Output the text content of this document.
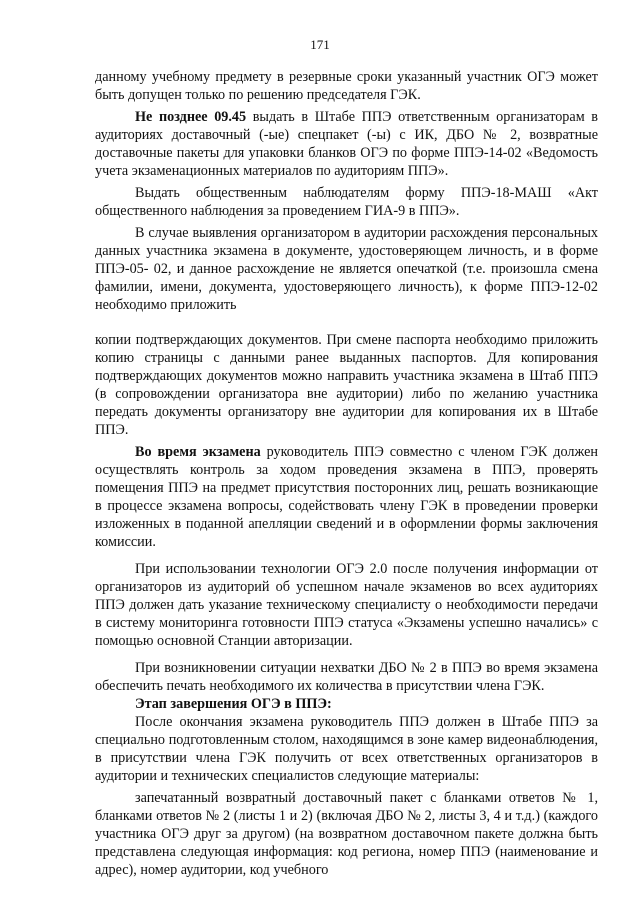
171

данному учебному предмету в резервные сроки указанный участник ОГЭ может быть допущен только по решению председателя ГЭК.

Не позднее 09.45 выдать в Штабе ППЭ ответственным организаторам в аудиториях доставочный (-ые) спецпакет (-ы) с ИК, ДБО № 2, возвратные доставочные пакеты для упаковки бланков ОГЭ по форме ППЭ-14-02 «Ведомость учета экзаменационных материалов по аудиториям ППЭ».

Выдать общественным наблюдателям форму ППЭ-18-МАШ «Акт общественного наблюдения за проведением ГИА-9 в ППЭ».

В случае выявления организатором в аудитории расхождения персональных данных участника экзамена в документе, удостоверяющем личность, и в форме ППЭ-05- 02, и данное расхождение не является опечаткой (т.е. произошла смена фамилии, имени, документа, удостоверяющего личность), к форме ППЭ-12-02 необходимо приложить

копии подтверждающих документов. При смене паспорта необходимо приложить копию страницы с данными ранее выданных паспортов. Для копирования подтверждающих документов можно направить участника экзамена в Штаб ППЭ (в сопровождении организатора вне аудитории) либо по желанию участника передать документы организатору вне аудитории для копирования их в Штабе ППЭ.

Во время экзамена руководитель ППЭ совместно с членом ГЭК должен осуществлять контроль за ходом проведения экзамена в ППЭ, проверять помещения ППЭ на предмет присутствия посторонних лиц, решать возникающие в процессе экзамена вопросы, содействовать члену ГЭК в проведении проверки изложенных в поданной апелляции сведений и в оформлении формы заключения комиссии.

При использовании технологии ОГЭ 2.0 после получения информации от организаторов из аудиторий об успешном начале экзаменов во всех аудиториях ППЭ должен дать указание техническому специалисту о необходимости передачи в систему мониторинга готовности ППЭ статуса «Экзамены успешно начались» с помощью основной Станции авторизации.

При возникновении ситуации нехватки ДБО № 2 в ППЭ во время экзамена обеспечить печать необходимого их количества в присутствии члена ГЭК.

Этап завершения ОГЭ в ППЭ:

После окончания экзамена руководитель ППЭ должен в Штабе ППЭ за специально подготовленным столом, находящимся в зоне камер видеонаблюдения, в присутствии члена ГЭК получить от всех ответственных организаторов в аудитории и технических специалистов следующие материалы:

запечатанный возвратный доставочный пакет с бланками ответов № 1, бланками ответов № 2 (листы 1 и 2) (включая ДБО № 2, листы 3, 4 и т.д.) (каждого участника ОГЭ друг за другом) (на возвратном доставочном пакете должна быть представлена следующая информация: код региона, номер ППЭ (наименование и адрес), номер аудитории, код учебного
